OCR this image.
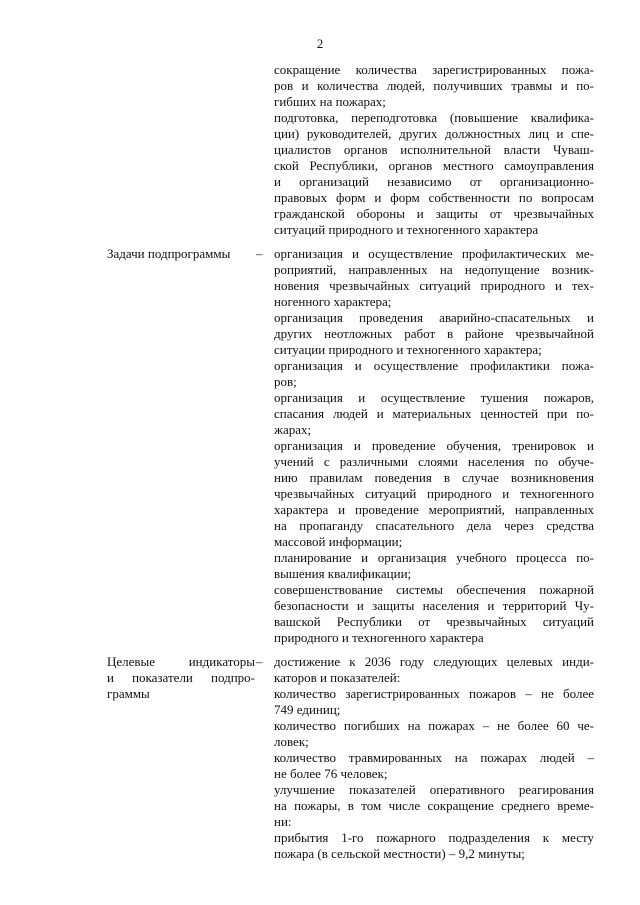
2
сокращение количества зарегистрированных пожа-
ров и количества людей, получивших травмы и по-
гибших на пожарах;
подготовка, переподготовка (повышение квалифика-
ции) руководителей, других должностных лиц и спе-
циалистов органов исполнительной власти Чуваш-
ской Республики, органов местного самоуправления
и организаций независимо от организационно-
правовых форм и форм собственности по вопросам
гражданской обороны и защиты от чрезвычайных
ситуаций природного и техногенного характера
Задачи подпрограммы – организация и осуществление профилактических ме-
роприятий, направленных на недопущение возник-
новения чрезвычайных ситуаций природного и тех-
ногенного характера;
организация проведения аварийно-спасательных и
других неотложных работ в районе чрезвычайной
ситуации природного и техногенного характера;
организация и осуществление профилактики пожа-
ров;
организация и осуществление тушения пожаров,
спасания людей и материальных ценностей при по-
жарах;
организация и проведение обучения, тренировок и
учений с различными слоями населения по обуче-
нию правилам поведения в случае возникновения
чрезвычайных ситуаций природного и техногенного
характера и проведение мероприятий, направленных
на пропаганду спасательного дела через средства
массовой информации;
планирование и организация учебного процесса по-
вышения квалификации;
совершенствование системы обеспечения пожарной
безопасности и защиты населения и территорий Чу-
вашской Республики от чрезвычайных ситуаций
природного и техногенного характера
Целевые индикаторы
и показатели подпро-
граммы
– достижение к 2036 году следующих целевых инди-
каторов и показателей:
количество зарегистрированных пожаров – не более
749 единиц;
количество погибших на пожарах – не более 60 че-
ловек;
количество травмированных на пожарах людей –
не более 76 человек;
улучшение показателей оперативного реагирования
на пожары, в том числе сокращение среднего време-
ни:
прибытия 1-го пожарного подразделения к месту
пожара (в сельской местности) – 9,2 минуты;
